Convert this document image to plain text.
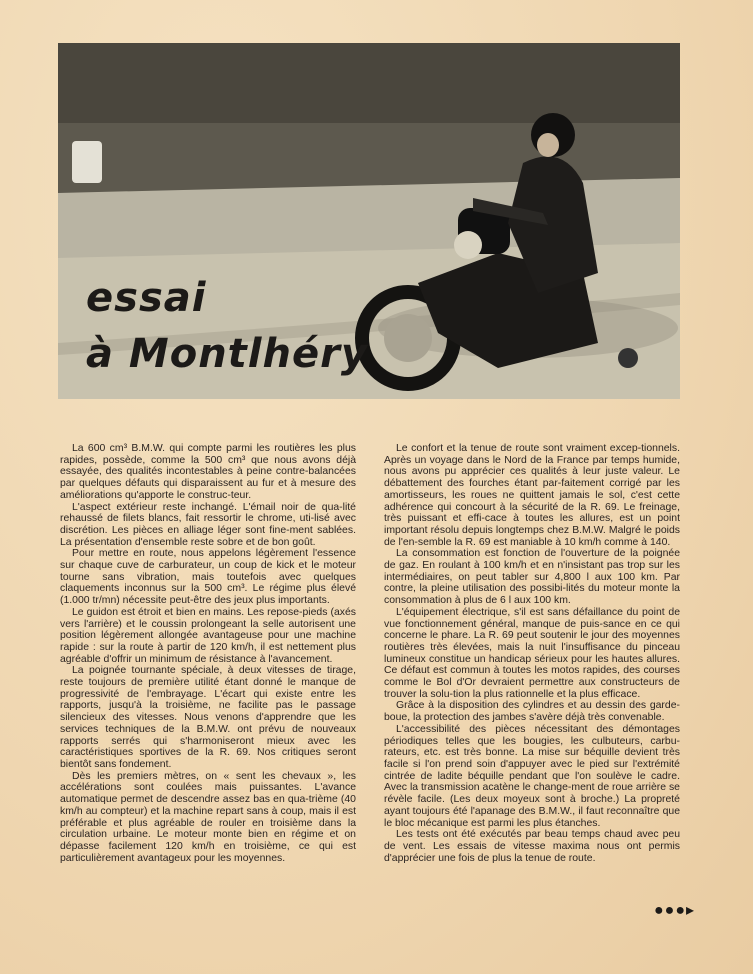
essai
à Montlhéry

La 600 cm³ B.M.W. qui compte parmi les routières les plus rapides, possède, comme la 500 cm³ que nous avons déjà essayée, des qualités incontestables à peine contre-balancées par quelques défauts qui disparaissent au fur et à mesure des améliorations qu'apporte le construc-teur.

L'aspect extérieur reste inchangé. L'émail noir de qua-lité rehaussé de filets blancs, fait ressortir le chrome, uti-lisé avec discrétion. Les pièces en alliage léger sont fine-ment sablées. La présentation d'ensemble reste sobre et de bon goût.

Pour mettre en route, nous appelons légèrement l'essence sur chaque cuve de carburateur, un coup de kick et le moteur tourne sans vibration, mais toutefois avec quelques claquements inconnus sur la 500 cm³. Le régime plus élevé (1.000 tr/mn) nécessite peut-être des jeux plus importants.

Le guidon est étroit et bien en mains. Les repose-pieds (axés vers l'arrière) et le coussin prolongeant la selle autorisent une position légèrement allongée avantageuse pour une machine rapide : sur la route à partir de 120 km/h, il est nettement plus agréable d'offrir un minimum de résistance à l'avancement.

La poignée tournante spéciale, à deux vitesses de tirage, reste toujours de première utilité étant donné le manque de progressivité de l'embrayage. L'écart qui existe entre les rapports, jusqu'à la troisième, ne facilite pas le passage silencieux des vitesses. Nous venons d'apprendre que les services techniques de la B.M.W. ont prévu de nouveaux rapports serrés qui s'harmoniseront mieux avec les caractéristiques sportives de la R. 69. Nos critiques seront bientôt sans fondement.

Dès les premiers mètres, on « sent les chevaux », les accélérations sont coulées mais puissantes. L'avance automatique permet de descendre assez bas en qua-trième (40 km/h au compteur) et la machine repart sans à coup, mais il est préférable et plus agréable de rouler en troisième dans la circulation urbaine. Le moteur monte bien en régime et on dépasse facilement 120 km/h en troisième, ce qui est particulièrement avantageux pour les moyennes.

Le confort et la tenue de route sont vraiment excep-tionnels. Après un voyage dans le Nord de la France par temps humide, nous avons pu apprécier ces qualités à leur juste valeur. Le débattement des fourches étant par-faitement corrigé par les amortisseurs, les roues ne quittent jamais le sol, c'est cette adhérence qui concourt à la sécurité de la R. 69. Le freinage, très puissant et effi-cace à toutes les allures, est un point important résolu depuis longtemps chez B.M.W. Malgré le poids de l'en-semble la R. 69 est maniable à 10 km/h comme à 140.

La consommation est fonction de l'ouverture de la poignée de gaz. En roulant à 100 km/h et en n'insistant pas trop sur les intermédiaires, on peut tabler sur 4,800 l aux 100 km. Par contre, la pleine utilisation des possibi-lités du moteur monte la consommation à plus de 6 l aux 100 km.

L'équipement électrique, s'il est sans défaillance du point de vue fonctionnement général, manque de puis-sance en ce qui concerne le phare. La R. 69 peut soutenir le jour des moyennes routières très élevées, mais la nuit l'insuffisance du pinceau lumineux constitue un handicap sérieux pour les hautes allures. Ce défaut est commun à toutes les motos rapides, des courses comme le Bol d'Or devraient permettre aux constructeurs de trouver la solu-tion la plus rationnelle et la plus efficace.

Grâce à la disposition des cylindres et au dessin des garde-boue, la protection des jambes s'avère déjà très convenable.

L'accessibilité des pièces nécessitant des démontages périodiques telles que les bougies, les culbuteurs, carbu-rateurs, etc. est très bonne. La mise sur béquille devient très facile si l'on prend soin d'appuyer avec le pied sur l'extrémité cintrée de ladite béquille pendant que l'on soulève le cadre. Avec la transmission acatène le change-ment de roue arrière se révèle facile. (Les deux moyeux sont à broche.) La propreté ayant toujours été l'apanage des B.M.W., il faut reconnaître que le bloc mécanique est parmi les plus étanches.

Les tests ont été exécutés par beau temps chaud avec peu de vent. Les essais de vitesse maxima nous ont permis d'apprécier une fois de plus la tenue de route.

●●●▸
